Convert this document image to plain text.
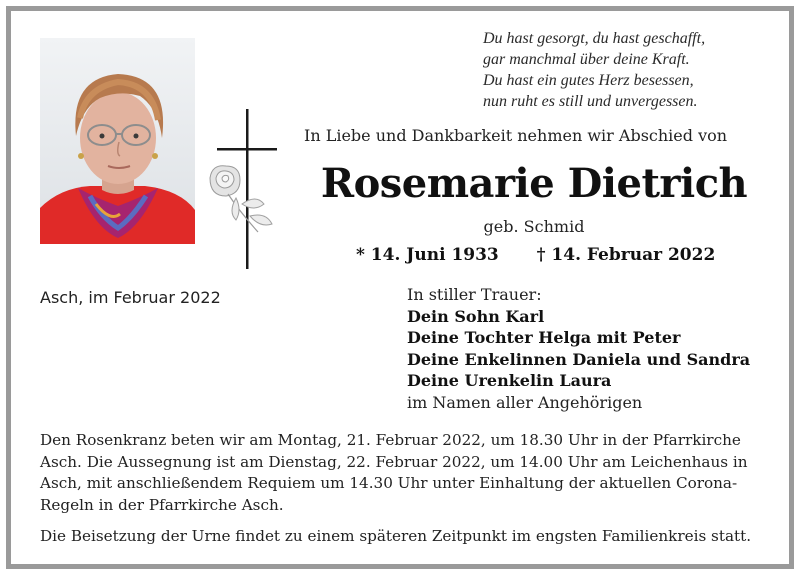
Du hast gesorgt, du hast geschafft,
gar manchmal über deine Kraft.
Du hast ein gutes Herz besessen,
nun ruht es still und unvergessen.
In Liebe und Dankbarkeit nehmen wir Abschied von
Rosemarie Dietrich
geb. Schmid
* 14. Juni 1933 † 14. Februar 2022
Asch, im Februar 2022	In stiller Trauer:
Dein Sohn Karl
Deine Tochter Helga mit Peter
Deine Enkelinnen Daniela und Sandra
Deine Urenkelin Laura
im Namen aller Angehörigen
Den Rosenkranz beten wir am Montag, 21. Februar 2022, um 18.30 Uhr in der Pfarrkirche Asch. Die Aussegnung ist am Dienstag, 22. Februar 2022, um 14.00 Uhr am Leichenhaus in Asch, mit anschließendem Requiem um 14.30 Uhr unter Einhaltung der aktuellen Corona-Regeln in der Pfarrkirche Asch.
Die Beisetzung der Urne findet zu einem späteren Zeitpunkt im engsten Familienkreis statt.
